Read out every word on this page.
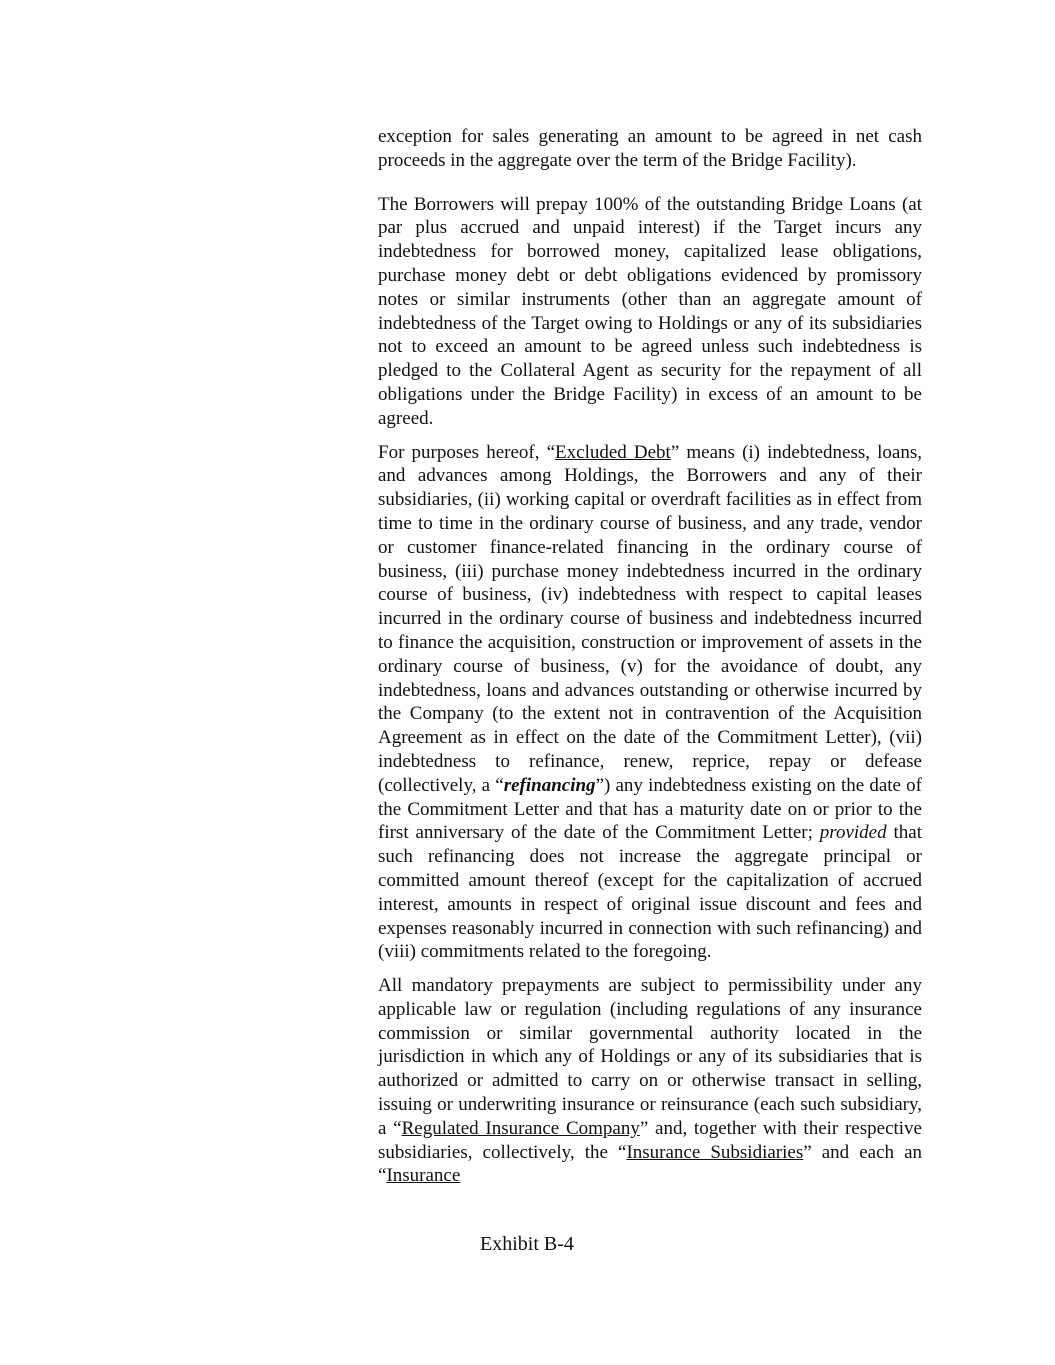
exception for sales generating an amount to be agreed in net cash proceeds in the aggregate over the term of the Bridge Facility).

The Borrowers will prepay 100% of the outstanding Bridge Loans (at par plus accrued and unpaid interest) if the Target incurs any indebtedness for borrowed money, capitalized lease obligations, purchase money debt or debt obligations evidenced by promissory notes or similar instruments (other than an aggregate amount of indebtedness of the Target owing to Holdings or any of its subsidiaries not to exceed an amount to be agreed unless such indebtedness is pledged to the Collateral Agent as security for the repayment of all obligations under the Bridge Facility) in excess of an amount to be agreed.

For purposes hereof, “Excluded Debt” means (i) indebtedness, loans, and advances among Holdings, the Borrowers and any of their subsidiaries, (ii) working capital or overdraft facilities as in effect from time to time in the ordinary course of business, and any trade, vendor or customer finance-related financing in the ordinary course of business, (iii) purchase money indebtedness incurred in the ordinary course of business, (iv) indebtedness with respect to capital leases incurred in the ordinary course of business and indebtedness incurred to finance the acquisition, construction or improvement of assets in the ordinary course of business, (v) for the avoidance of doubt, any indebtedness, loans and advances outstanding or otherwise incurred by the Company (to the extent not in contravention of the Acquisition Agreement as in effect on the date of the Commitment Letter), (vii) indebtedness to refinance, renew, reprice, repay or defease (collectively, a “refinancing”) any indebtedness existing on the date of the Commitment Letter and that has a maturity date on or prior to the first anniversary of the date of the Commitment Letter; provided that such refinancing does not increase the aggregate principal or committed amount thereof (except for the capitalization of accrued interest, amounts in respect of original issue discount and fees and expenses reasonably incurred in connection with such refinancing) and (viii) commitments related to the foregoing.

All mandatory prepayments are subject to permissibility under any applicable law or regulation (including regulations of any insurance commission or similar governmental authority located in the jurisdiction in which any of Holdings or any of its subsidiaries that is authorized or admitted to carry on or otherwise transact in selling, issuing or underwriting insurance or reinsurance (each such subsidiary, a “Regulated Insurance Company” and, together with their respective subsidiaries, collectively, the “Insurance Subsidiaries” and each an “Insurance

Exhibit B-4
